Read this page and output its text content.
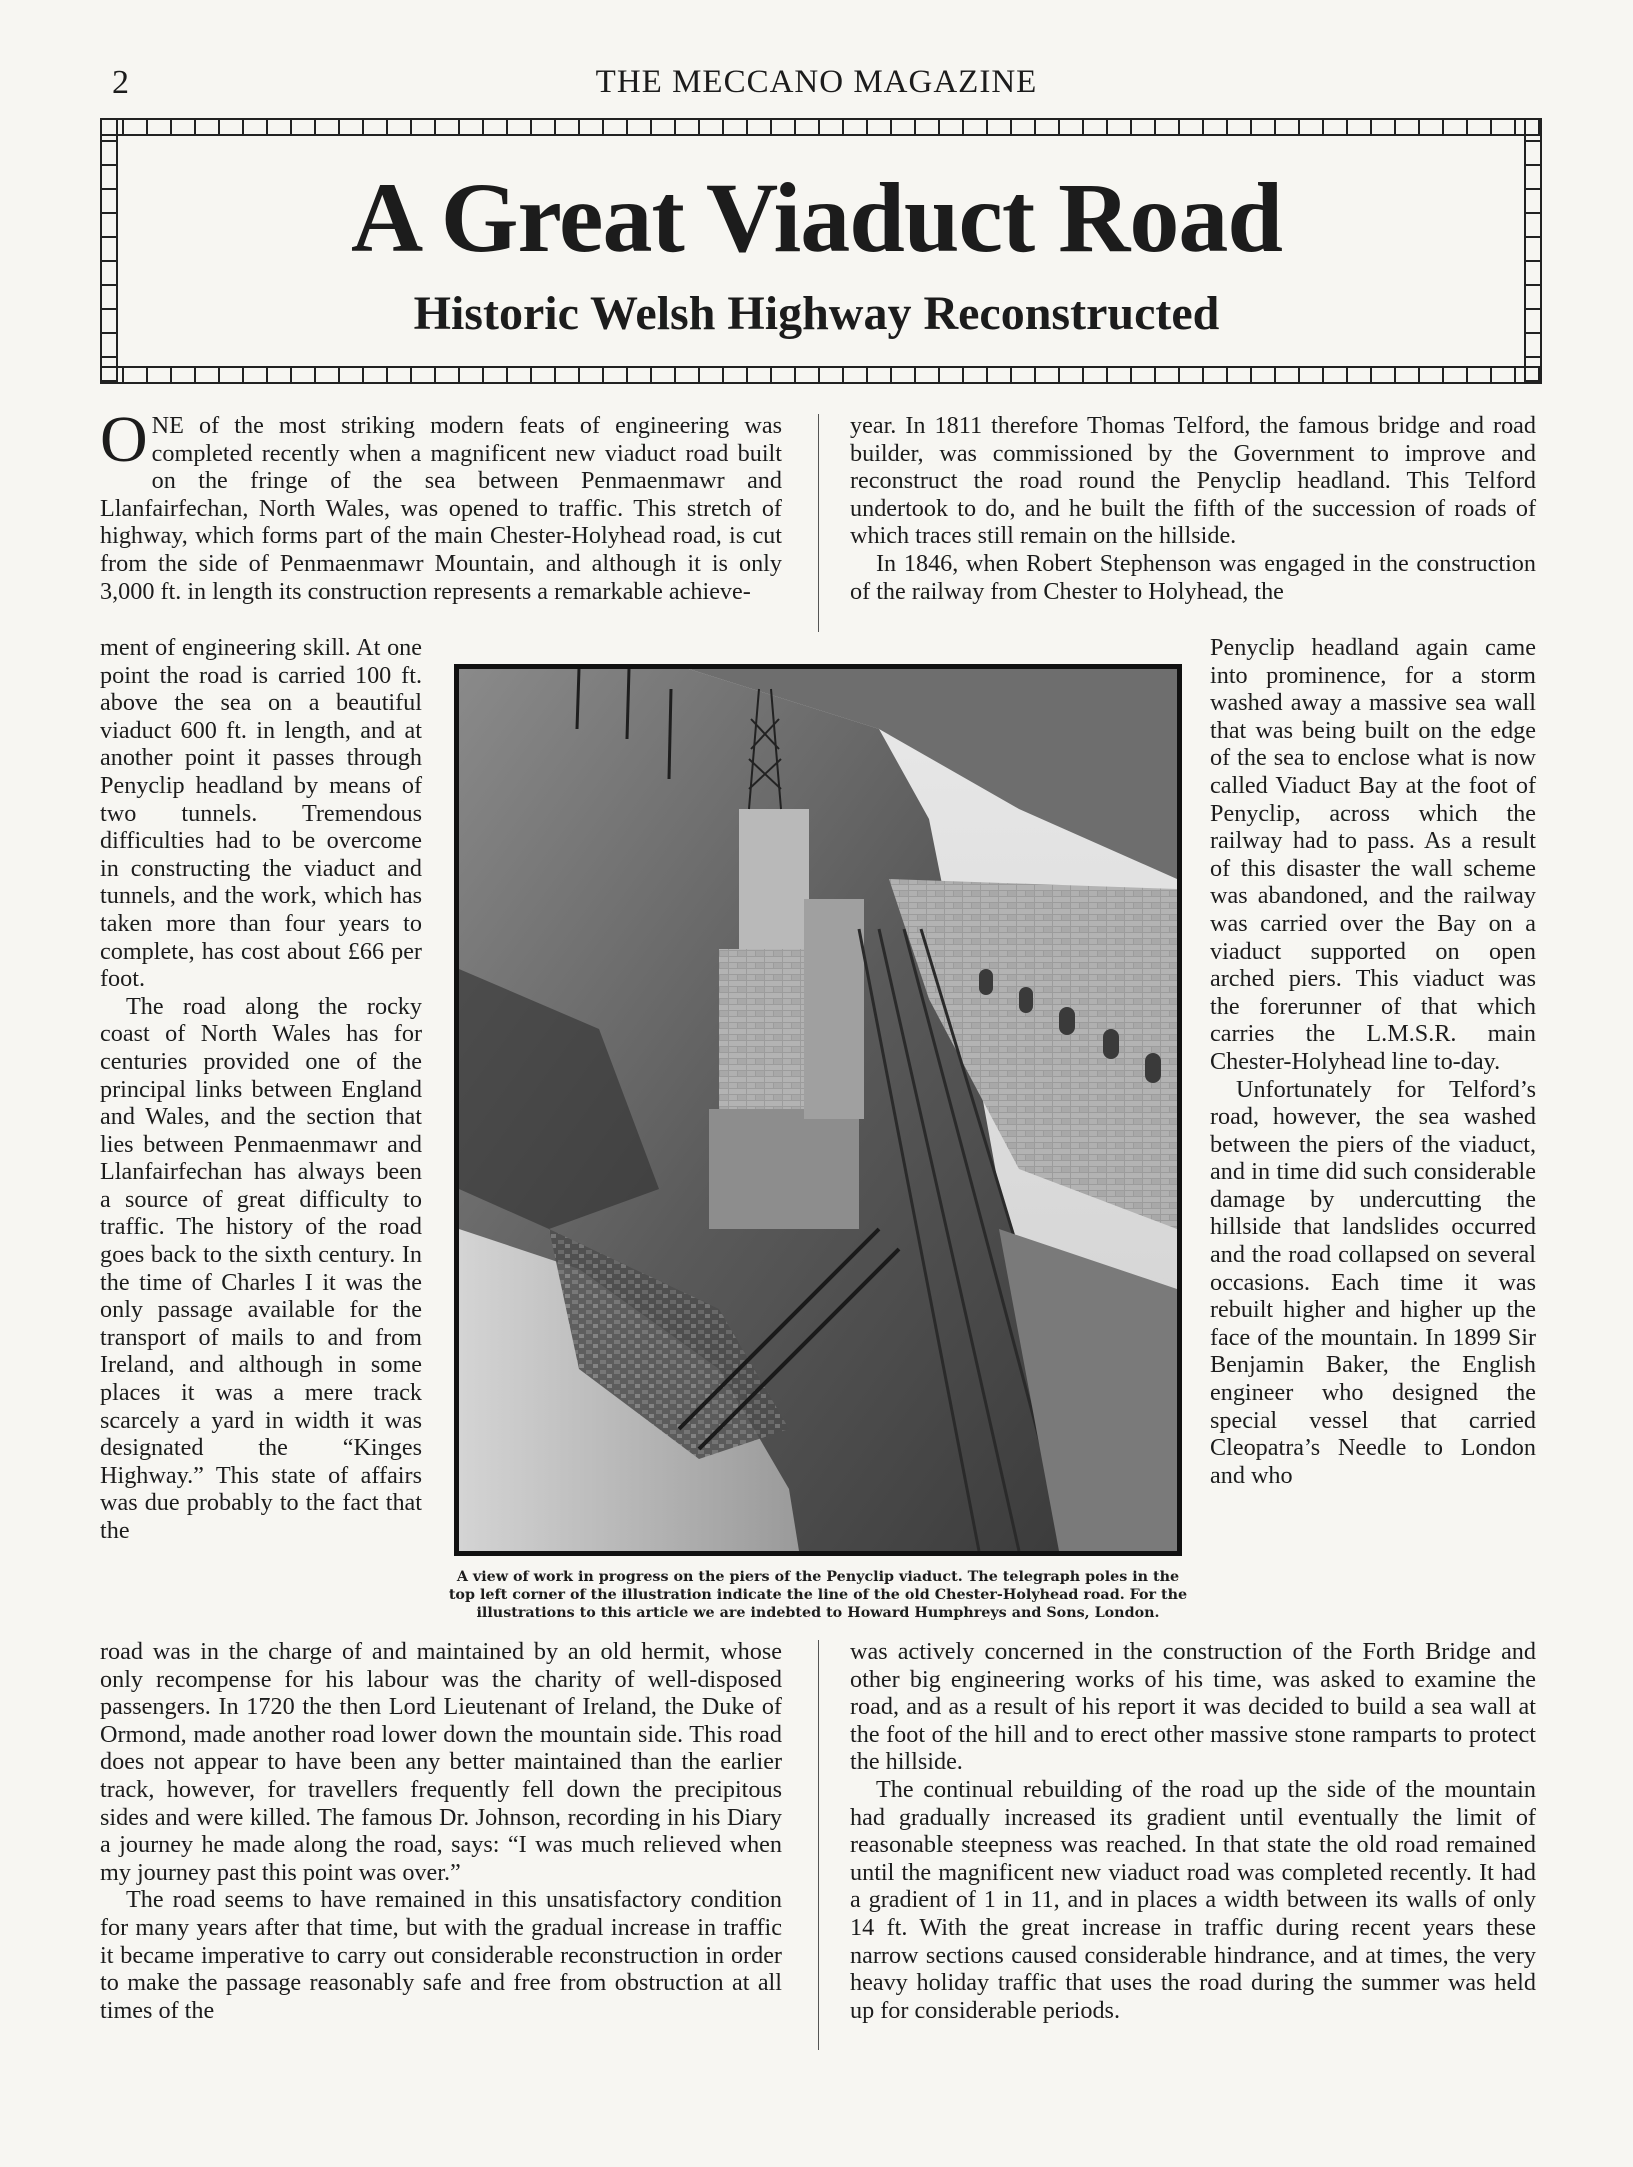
2	THE MECCANO MAGAZINE
A Great Viaduct Road
Historic Welsh Highway Reconstructed

ONE of the most striking modern feats of engineering was completed recently when a magnificent new viaduct road built on the fringe of the sea between Penmaenmawr and Llanfairfechan, North Wales, was opened to traffic. This stretch of highway, which forms part of the main Chester-Holyhead road, is cut from the side of Penmaenmawr Mountain, and although it is only 3,000 ft. in length its construction represents a remarkable achieve-

ment of engineering skill. At one point the road is carried 100 ft. above the sea on a beautiful viaduct 600 ft. in length, and at another point it passes through Penyclip headland by means of two tunnels. Tremendous difficulties had to be overcome in constructing the viaduct and tunnels, and the work, which has taken more than four years to complete, has cost about £66 per foot.

The road along the rocky coast of North Wales has for centuries provided one of the principal links between England and Wales, and the section that lies between Penmaenmawr and Llanfairfechan has always been a source of great difficulty to traffic. The history of the road goes back to the sixth century. In the time of Charles I it was the only passage available for the transport of mails to and from Ireland, and although in some places it was a mere track scarcely a yard in width it was designated the “Kinges Highway.” This state of affairs was due probably to the fact that the

road was in the charge of and maintained by an old hermit, whose only recompense for his labour was the charity of well-disposed passengers. In 1720 the then Lord Lieutenant of Ireland, the Duke of Ormond, made another road lower down the mountain side. This road does not appear to have been any better maintained than the earlier track, however, for travellers frequently fell down the precipitous sides and were killed. The famous Dr. Johnson, recording in his Diary a journey he made along the road, says: “I was much relieved when my journey past this point was over.”

The road seems to have remained in this unsatisfactory condition for many years after that time, but with the gradual increase in traffic it became imperative to carry out considerable reconstruction in order to make the passage reasonably safe and free from obstruction at all times of the

year. In 1811 therefore Thomas Telford, the famous bridge and road builder, was commissioned by the Government to improve and reconstruct the road round the Penyclip headland. This Telford undertook to do, and he built the fifth of the succession of roads of which traces still remain on the hillside.

In 1846, when Robert Stephenson was engaged in the construction of the railway from Chester to Holyhead, the

Penyclip headland again came into prominence, for a storm washed away a massive sea wall that was being built on the edge of the sea to enclose what is now called Viaduct Bay at the foot of Penyclip, across which the railway had to pass. As a result of this disaster the wall scheme was abandoned, and the railway was carried over the Bay on a viaduct supported on open arched piers. This viaduct was the forerunner of that which carries the L.M.S.R. main Chester-Holyhead line to-day.

Unfortunately for Telford’s road, however, the sea washed between the piers of the viaduct, and in time did such considerable damage by undercutting the hillside that landslides occurred and the road collapsed on several occasions. Each time it was rebuilt higher and higher up the face of the mountain. In 1899 Sir Benjamin Baker, the English engineer who designed the special vessel that carried Cleopatra’s Needle to London and who

was actively concerned in the construction of the Forth Bridge and other big engineering works of his time, was asked to examine the road, and as a result of his report it was decided to build a sea wall at the foot of the hill and to erect other massive stone ramparts to protect the hillside.

The continual rebuilding of the road up the side of the mountain had gradually increased its gradient until eventually the limit of reasonable steepness was reached. In that state the old road remained until the magnificent new viaduct road was completed recently. It had a gradient of 1 in 11, and in places a width between its walls of only 14 ft. With the great increase in traffic during recent years these narrow sections caused considerable hindrance, and at times, the very heavy holiday traffic that uses the road during the summer was held up for considerable periods.

A view of work in progress on the piers of the Penyclip viaduct. The telegraph poles in the top left corner of the illustration indicate the line of the old Chester-Holyhead road. For the illustrations to this article we are indebted to Howard Humphreys and Sons, London.
